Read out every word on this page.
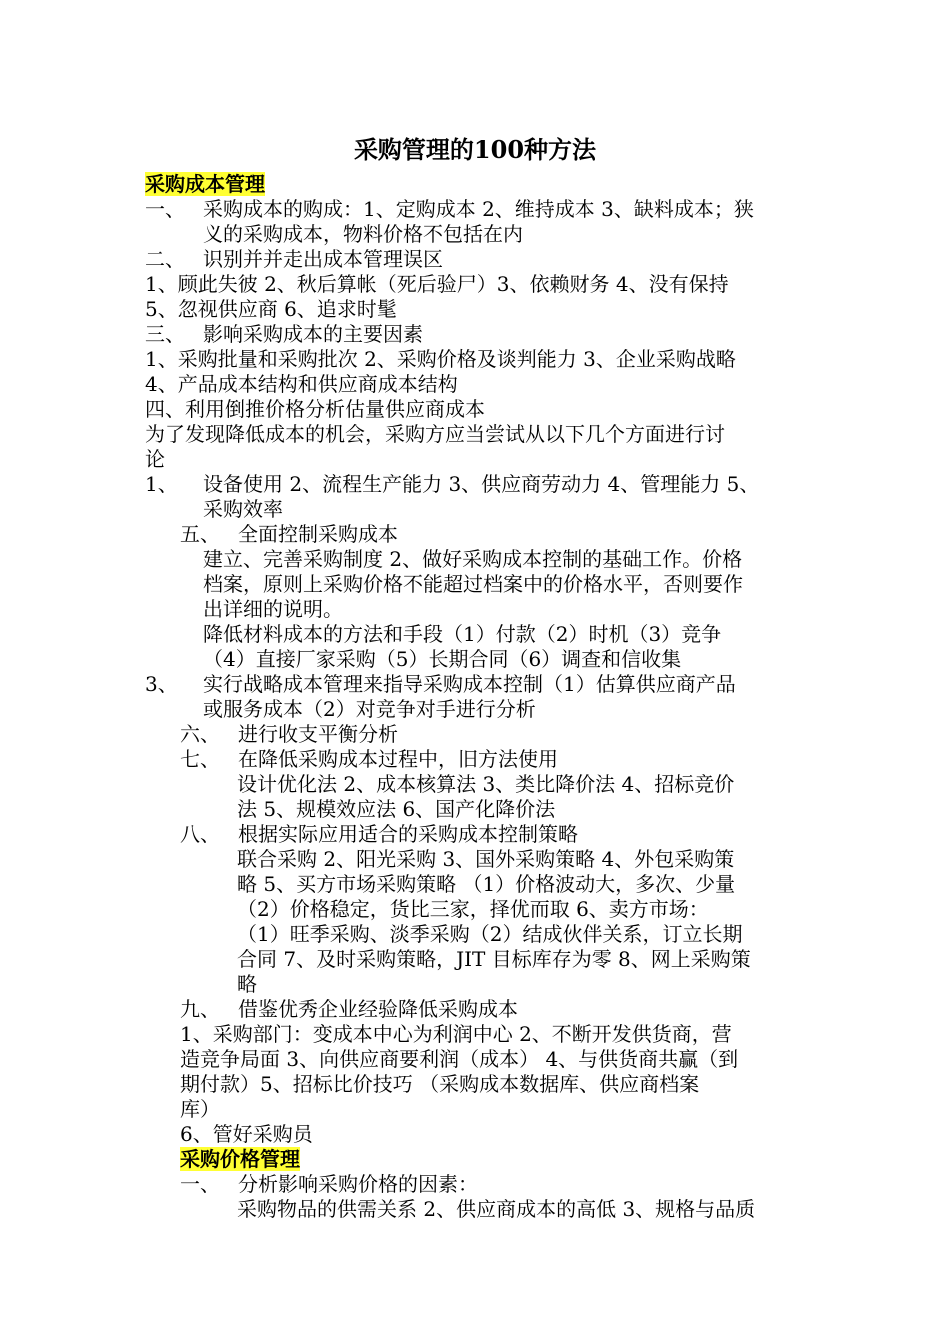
采购管理的100种方法
采购成本管理
一、 采购成本的购成：1、定购成本 2、维持成本 3、缺料成本；狭
义的采购成本，物料价格不包括在内
二、 识别并并走出成本管理误区
1、顾此失彼 2、秋后算帐（死后验尸）3、依赖财务 4、没有保持
5、忽视供应商 6、追求时髦
三、 影响采购成本的主要因素
1、采购批量和采购批次 2、采购价格及谈判能力 3、企业采购战略
4、产品成本结构和供应商成本结构
四、利用倒推价格分析估量供应商成本
为了发现降低成本的机会，采购方应当尝试从以下几个方面进行讨
论
1、 设备使用 2、流程生产能力 3、供应商劳动力 4、管理能力 5、
采购效率
五、 全面控制采购成本
建立、完善采购制度 2、做好采购成本控制的基础工作。价格
档案，原则上采购价格不能超过档案中的价格水平，否则要作
出详细的说明。
降低材料成本的方法和手段（1）付款（2）时机（3）竞争
（4）直接厂家采购（5）长期合同（6）调查和信收集
3、 实行战略成本管理来指导采购成本控制（1）估算供应商产品
或服务成本（2）对竞争对手进行分析
六、 进行收支平衡分析
七、 在降低采购成本过程中，旧方法使用
设计优化法 2、成本核算法 3、类比降价法 4、招标竞价
法 5、规模效应法 6、国产化降价法
八、 根据实际应用适合的采购成本控制策略
联合采购 2、阳光采购 3、国外采购策略 4、外包采购策
略 5、买方市场采购策略 （1）价格波动大，多次、少量
（2）价格稳定，货比三家，择优而取 6、卖方市场：
（1）旺季采购、淡季采购（2）结成伙伴关系，订立长期
合同 7、及时采购策略，JIT 目标库存为零 8、网上采购策
略
九、 借鉴优秀企业经验降低采购成本
1、采购部门：变成本中心为利润中心 2、不断开发供货商，营
造竞争局面 3、向供应商要利润（成本） 4、与供货商共赢（到
期付款）5、招标比价技巧 （采购成本数据库、供应商档案
库）
6、管好采购员
采购价格管理
一、 分析影响采购价格的因素：
采购物品的供需关系 2、供应商成本的高低 3、规格与品质
